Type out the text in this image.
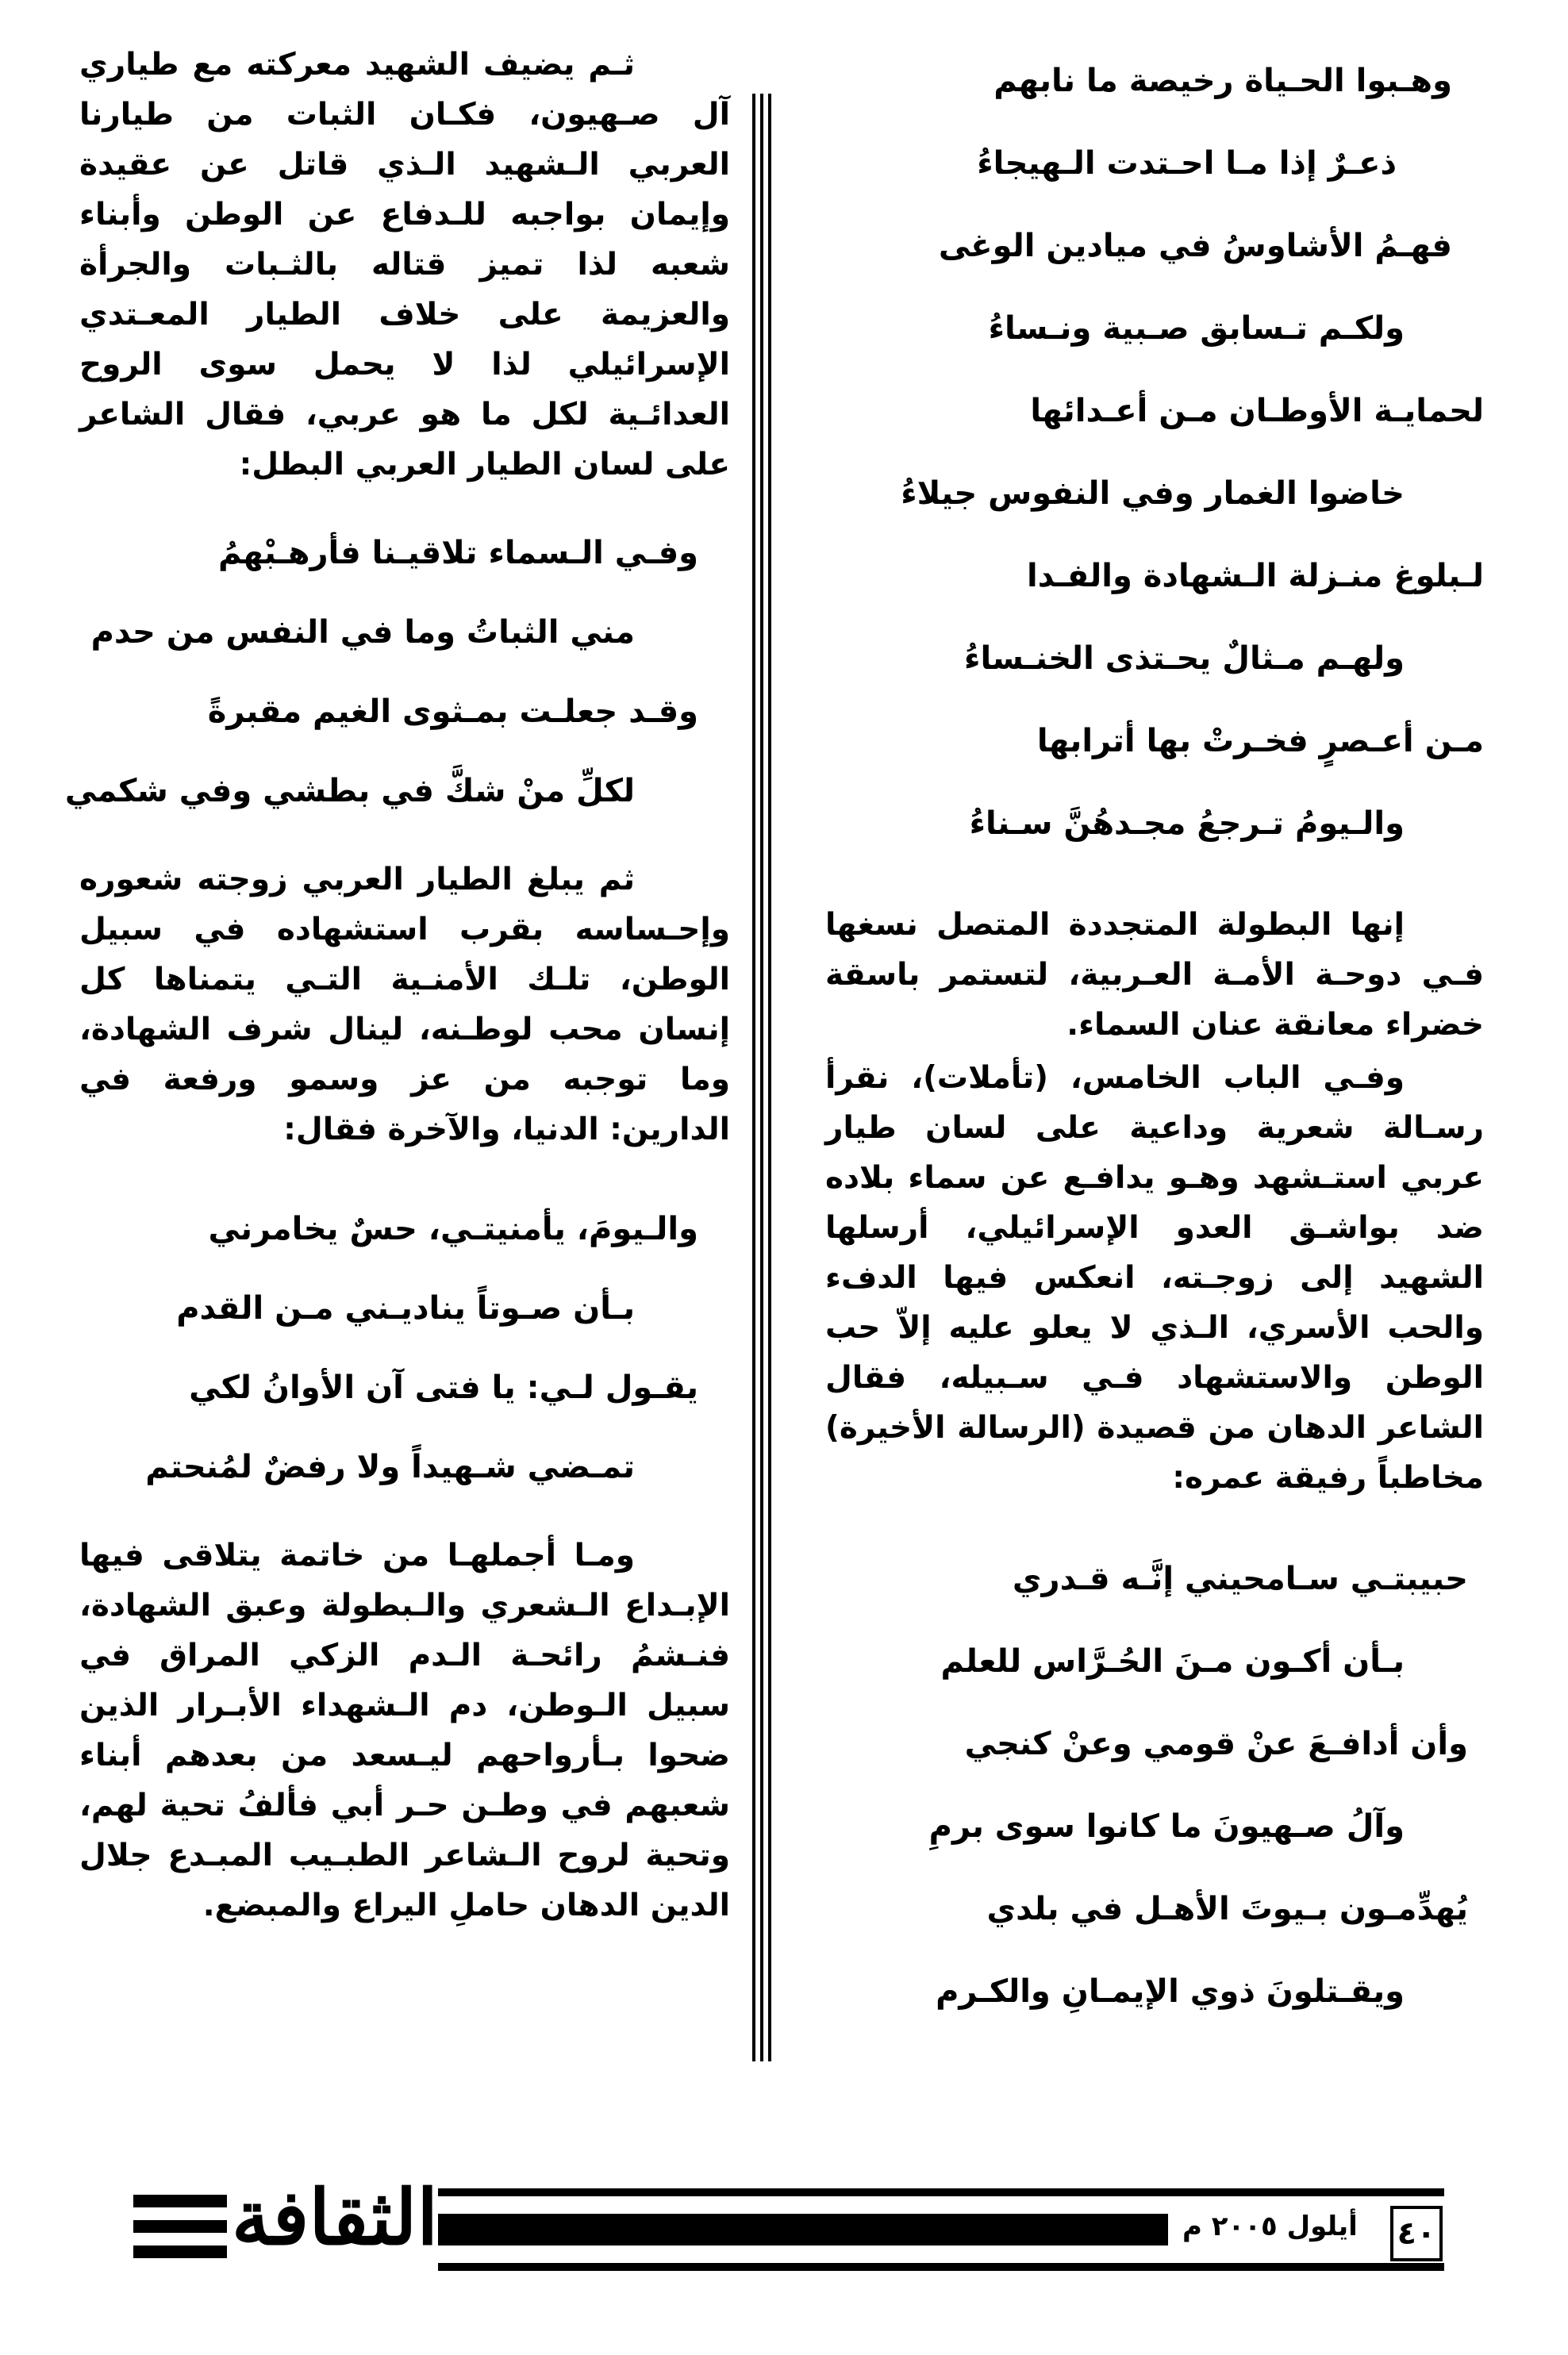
وهـبوا الحـياة رخيصة ما نابهم
ذعـرٌ إذا مـا احـتدت الـهيجاءُ
فهـمُ الأشاوسُ في ميادين الوغى
ولكـم تـسابق صـبية ونـساءُ
لحمايـة الأوطـان مـن أعـدائها
خاضوا الغمار وفي النفوس جيلاءُ
لـبلوغ منـزلة الـشهادة والفـدا
ولهـم مـثالٌ يحـتذى الخنـساءُ
مـن أعـصرٍ فخـرتْ بها أترابها
والـيومُ تـرجعُ مجـدهُنَّ سـناءُ

إنها البطولة المتجددة المتصل نسغها فـي دوحـة الأمـة العـربية، لتستمر باسقة خضراء معانقة عنان السماء.

وفـي الباب الخامس، (تأملات)، نقرأ رسـالة شعرية وداعية على لسان طيار عربي استـشهد وهـو يدافـع عن سماء بلاده ضد بواشـق العدو الإسرائيلي، أرسلها الشهيد إلى زوجـته، انعكس فيها الدفء والحب الأسري، الـذي لا يعلو عليه إلاّ حب الوطن والاستشهاد فـي سـبيله، فقال الشاعر الدهان من قصيدة (الرسالة الأخيرة) مخاطباً رفيقة عمره:

حبيبتـي سـامحيني إنَّـه قـدري
بـأن أكـون مـنَ الحُـرَّاس للعلم
وأن أدافـعَ عنْ قومي وعنْ كنجي
وآلُ صـهيونَ ما كانوا سوى برمِ
يُهدِّمـون بـيوتَ الأهـل في بلدي
ويقـتلونَ ذوي الإيمـانِ والكـرم

ثـم يضيف الشهيد معركته مع طياري آل صـهيون، فكـان الثبات من طيارنا العربي الـشهيد الـذي قاتل عن عقيدة وإيمان بواجبه للـدفاع عن الوطن وأبناء شعبه لذا تميز قتاله بالثـبات والجرأة والعزيمة على خلاف الطيار المعـتدي الإسرائيلي لذا لا يحمل سوى الروح العدائـية لكل ما هو عربي، فقال الشاعر على لسان الطيار العربي البطل:

وفـي الـسماء تلاقيـنا فأرهـبْهمُ
مني الثباتُ وما في النفس من حدم
وقـد جعلـت بمـثوى الغيم مقبرةً
لكلِّ منْ شكَّ في بطشي وفي شكمي

ثم يبلغ الطيار العربي زوجته شعوره وإحـساسه بقرب استشهاده في سبيل الوطن، تلـك الأمنـية التـي يتمناها كل إنسان محب لوطـنه، لينال شرف الشهادة، وما توجبه من عز وسمو ورفعة في الدارين: الدنيا، والآخرة فقال:

والـيومَ، يأمنيتـي، حسٌ يخامرني
بـأن صـوتاً يناديـني مـن القدم
يقـول لـي: يا فتى آن الأوانُ لكي
تمـضي شـهيداً ولا رفضٌ لمُنحتم

ومـا أجملهـا من خاتمة يتلاقى فيها الإبـداع الـشعري والـبطولة وعبق الشهادة، فنـشمُ رائحـة الـدم الزكي المراق في سبيل الـوطن، دم الـشهداء الأبـرار الذين ضحوا بـأرواحهم ليـسعد من بعدهم أبناء شعبهم في وطـن حـر أبي فألفُ تحية لهم، وتحية لروح الـشاعر الطبـيب المبـدع جلال الدين الدهان حاملِ اليراع والمبضع.

الثقافة	أيلول ٢٠٠٥ م ٤٠
